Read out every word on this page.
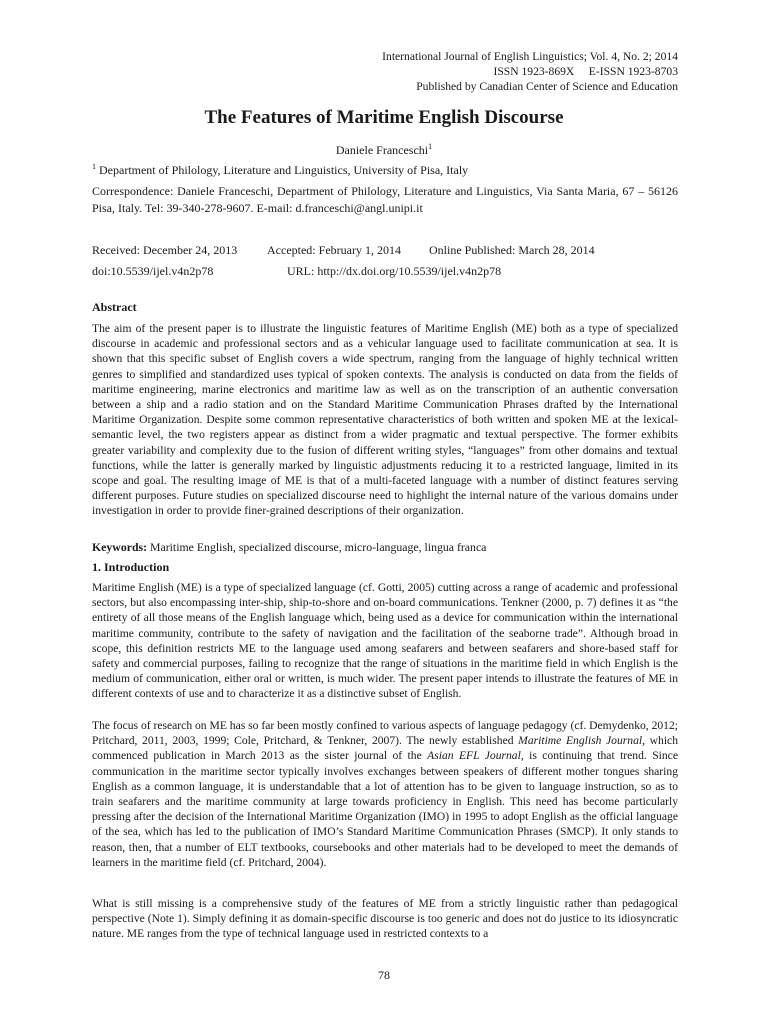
International Journal of English Linguistics; Vol. 4, No. 2; 2014
ISSN 1923-869X     E-ISSN 1923-8703
Published by Canadian Center of Science and Education
The Features of Maritime English Discourse
Daniele Franceschi$^1$
$^1$ Department of Philology, Literature and Linguistics, University of Pisa, Italy
Correspondence: Daniele Franceschi, Department of Philology, Literature and Linguistics, Via Santa Maria, 67 – 56126 Pisa, Italy. Tel: 39-340-278-9607. E-mail: d.franceschi@angl.unipi.it
Received: December 24, 2013 Accepted: February 1, 2014 Online Published: March 28, 2014
doi:10.5539/ijel.v4n2p78	URL: http://dx.doi.org/10.5539/ijel.v4n2p78
Abstract

The aim of the present paper is to illustrate the linguistic features of Maritime English (ME) both as a type of specialized discourse in academic and professional sectors and as a vehicular language used to facilitate communication at sea. It is shown that this specific subset of English covers a wide spectrum, ranging from the language of highly technical written genres to simplified and standardized uses typical of spoken contexts. The analysis is conducted on data from the fields of maritime engineering, marine electronics and maritime law as well as on the transcription of an authentic conversation between a ship and a radio station and on the Standard Maritime Communication Phrases drafted by the International Maritime Organization. Despite some common representative characteristics of both written and spoken ME at the lexical-semantic level, the two registers appear as distinct from a wider pragmatic and textual perspective. The former exhibits greater variability and complexity due to the fusion of different writing styles, “languages” from other domains and textual functions, while the latter is generally marked by linguistic adjustments reducing it to a restricted language, limited in its scope and goal. The resulting image of ME is that of a multi-faceted language with a number of distinct features serving different purposes. Future studies on specialized discourse need to highlight the internal nature of the various domains under investigation in order to provide finer-grained descriptions of their organization.

Keywords: Maritime English, specialized discourse, micro-language, lingua franca
1. Introduction

Maritime English (ME) is a type of specialized language (cf. Gotti, 2005) cutting across a range of academic and professional sectors, but also encompassing inter-ship, ship-to-shore and on-board communications. Tenkner (2000, p. 7) defines it as “the entirety of all those means of the English language which, being used as a device for communication within the international maritime community, contribute to the safety of navigation and the facilitation of the seaborne trade”. Although broad in scope, this definition restricts ME to the language used among seafarers and between seafarers and shore-based staff for safety and commercial purposes, failing to recognize that the range of situations in the maritime field in which English is the medium of communication, either oral or written, is much wider. The present paper intends to illustrate the features of ME in different contexts of use and to characterize it as a distinctive subset of English.

The focus of research on ME has so far been mostly confined to various aspects of language pedagogy (cf. Demydenko, 2012; Pritchard, 2011, 2003, 1999; Cole, Pritchard, & Tenkner, 2007). The newly established Maritime English Journal, which commenced publication in March 2013 as the sister journal of the Asian EFL Journal, is continuing that trend. Since communication in the maritime sector typically involves exchanges between speakers of different mother tongues sharing English as a common language, it is understandable that a lot of attention has to be given to language instruction, so as to train seafarers and the maritime community at large towards proficiency in English. This need has become particularly pressing after the decision of the International Maritime Organization (IMO) in 1995 to adopt English as the official language of the sea, which has led to the publication of IMO’s Standard Maritime Communication Phrases (SMCP). It only stands to reason, then, that a number of ELT textbooks, coursebooks and other materials had to be developed to meet the demands of learners in the maritime field (cf. Pritchard, 2004).

What is still missing is a comprehensive study of the features of ME from a strictly linguistic rather than pedagogical perspective (Note 1). Simply defining it as domain-specific discourse is too generic and does not do justice to its idiosyncratic nature. ME ranges from the type of technical language used in restricted contexts to a

78
